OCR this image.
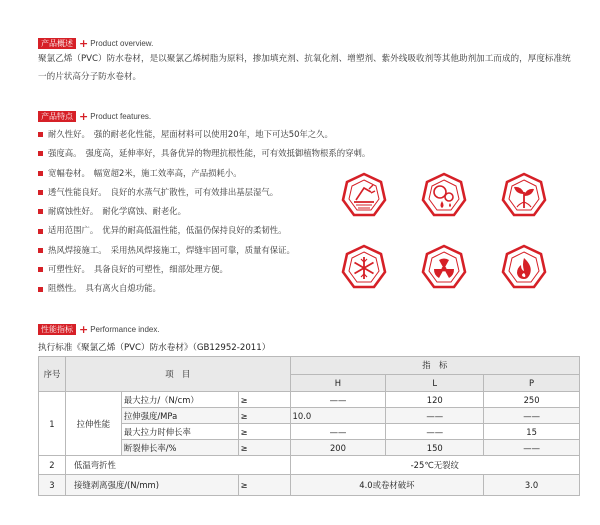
产品概述 + Product overview.
聚氯乙烯（PVC）防水卷材，是以聚氯乙烯树脂为原料，掺加填充剂、抗氧化剂、增塑剂、紫外线吸收剂等其他助剂加工而成的，厚度标准统一的片状高分子防水卷材。
产品特点 + Product features.
耐久性好。 强的耐老化性能，屋面材料可以使用20年，地下可达50年之久。
强度高。 强度高，延伸率好，具备优异的物理抗根性能，可有效抵御植物根系的穿刺。
宽幅卷材。 幅宽超2米，施工效率高，产品损耗小。
透气性能良好。 良好的水蒸气扩散性，可有效排出基层湿气。
耐腐蚀性好。 耐化学腐蚀、耐老化。
适用范围广。 优异的耐高低温性能，低温仍保持良好的柔韧性。
热风焊接施工。 采用热风焊接施工，焊缝牢固可靠，质量有保证。
可塑性好。 具备良好的可塑性，细部处理方便。
阻燃性。 具有离火自熄功能。
性能指标 + Performance index.
执行标准《聚氯乙烯（PVC）防水卷材》（GB12952-2011）
序号	项　目			指　标		
				H	L	P
1	拉伸性能	最大拉力/（N/cm）	≥	——	120	250
		拉伸强度/MPa	≥	10.0	——	——
		最大拉力时伸长率	≥	——	——	15
		断裂伸长率/%	≥	200	150	——
2	低温弯折性			-25℃无裂纹		
3	接缝剥离强度/(N/mm)		≥	4.0或卷材破坏		3.0
